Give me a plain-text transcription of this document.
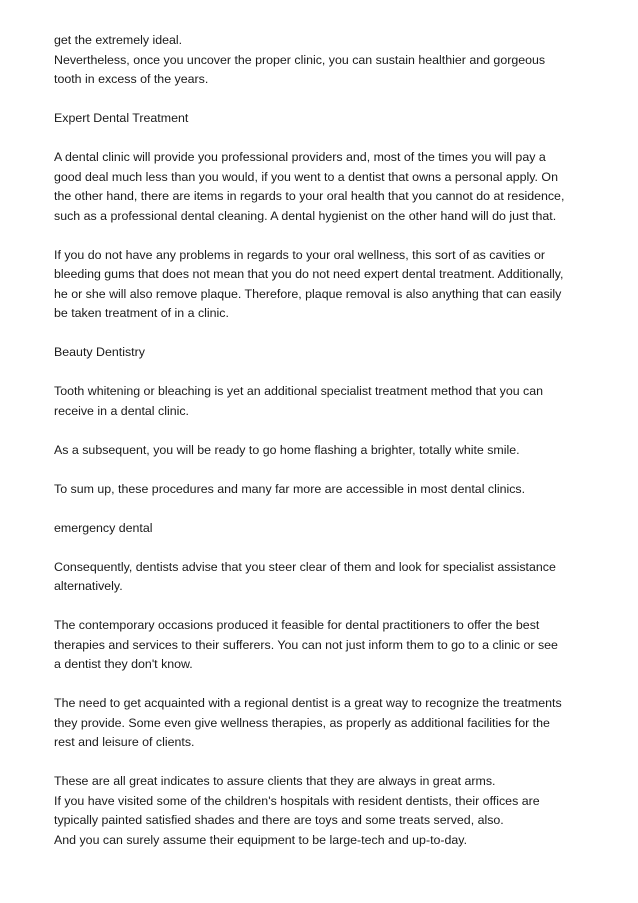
get the extremely ideal.
Nevertheless, once you uncover the proper clinic, you can sustain healthier and gorgeous
tooth in excess of the years.

Expert Dental Treatment

A dental clinic will provide you professional providers and, most of the times you will pay a
good deal much less than you would, if you went to a dentist that owns a personal apply. On
the other hand, there are items in regards to your oral health that you cannot do at residence,
such as a professional dental cleaning. A dental hygienist on the other hand will do just that.

If you do not have any problems in regards to your oral wellness, this sort of as cavities or
bleeding gums that does not mean that you do not need expert dental treatment. Additionally,
he or she will also remove plaque. Therefore, plaque removal is also anything that can easily
be taken treatment of in a clinic.

Beauty Dentistry

Tooth whitening or bleaching is yet an additional specialist treatment method that you can
receive in a dental clinic.

As a subsequent, you will be ready to go home flashing a brighter, totally white smile.

To sum up, these procedures and many far more are accessible in most dental clinics.

emergency dental

Consequently, dentists advise that you steer clear of them and look for specialist assistance
alternatively.

The contemporary occasions produced it feasible for dental practitioners to offer the best
therapies and services to their sufferers. You can not just inform them to go to a clinic or see
a dentist they don't know.

The need to get acquainted with a regional dentist is a great way to recognize the treatments
they provide. Some even give wellness therapies, as properly as additional facilities for the
rest and leisure of clients.

These are all great indicates to assure clients that they are always in great arms.
If you have visited some of the children's hospitals with resident dentists, their offices are
typically painted satisfied shades and there are toys and some treats served, also.
And you can surely assume their equipment to be large-tech and up-to-day.
